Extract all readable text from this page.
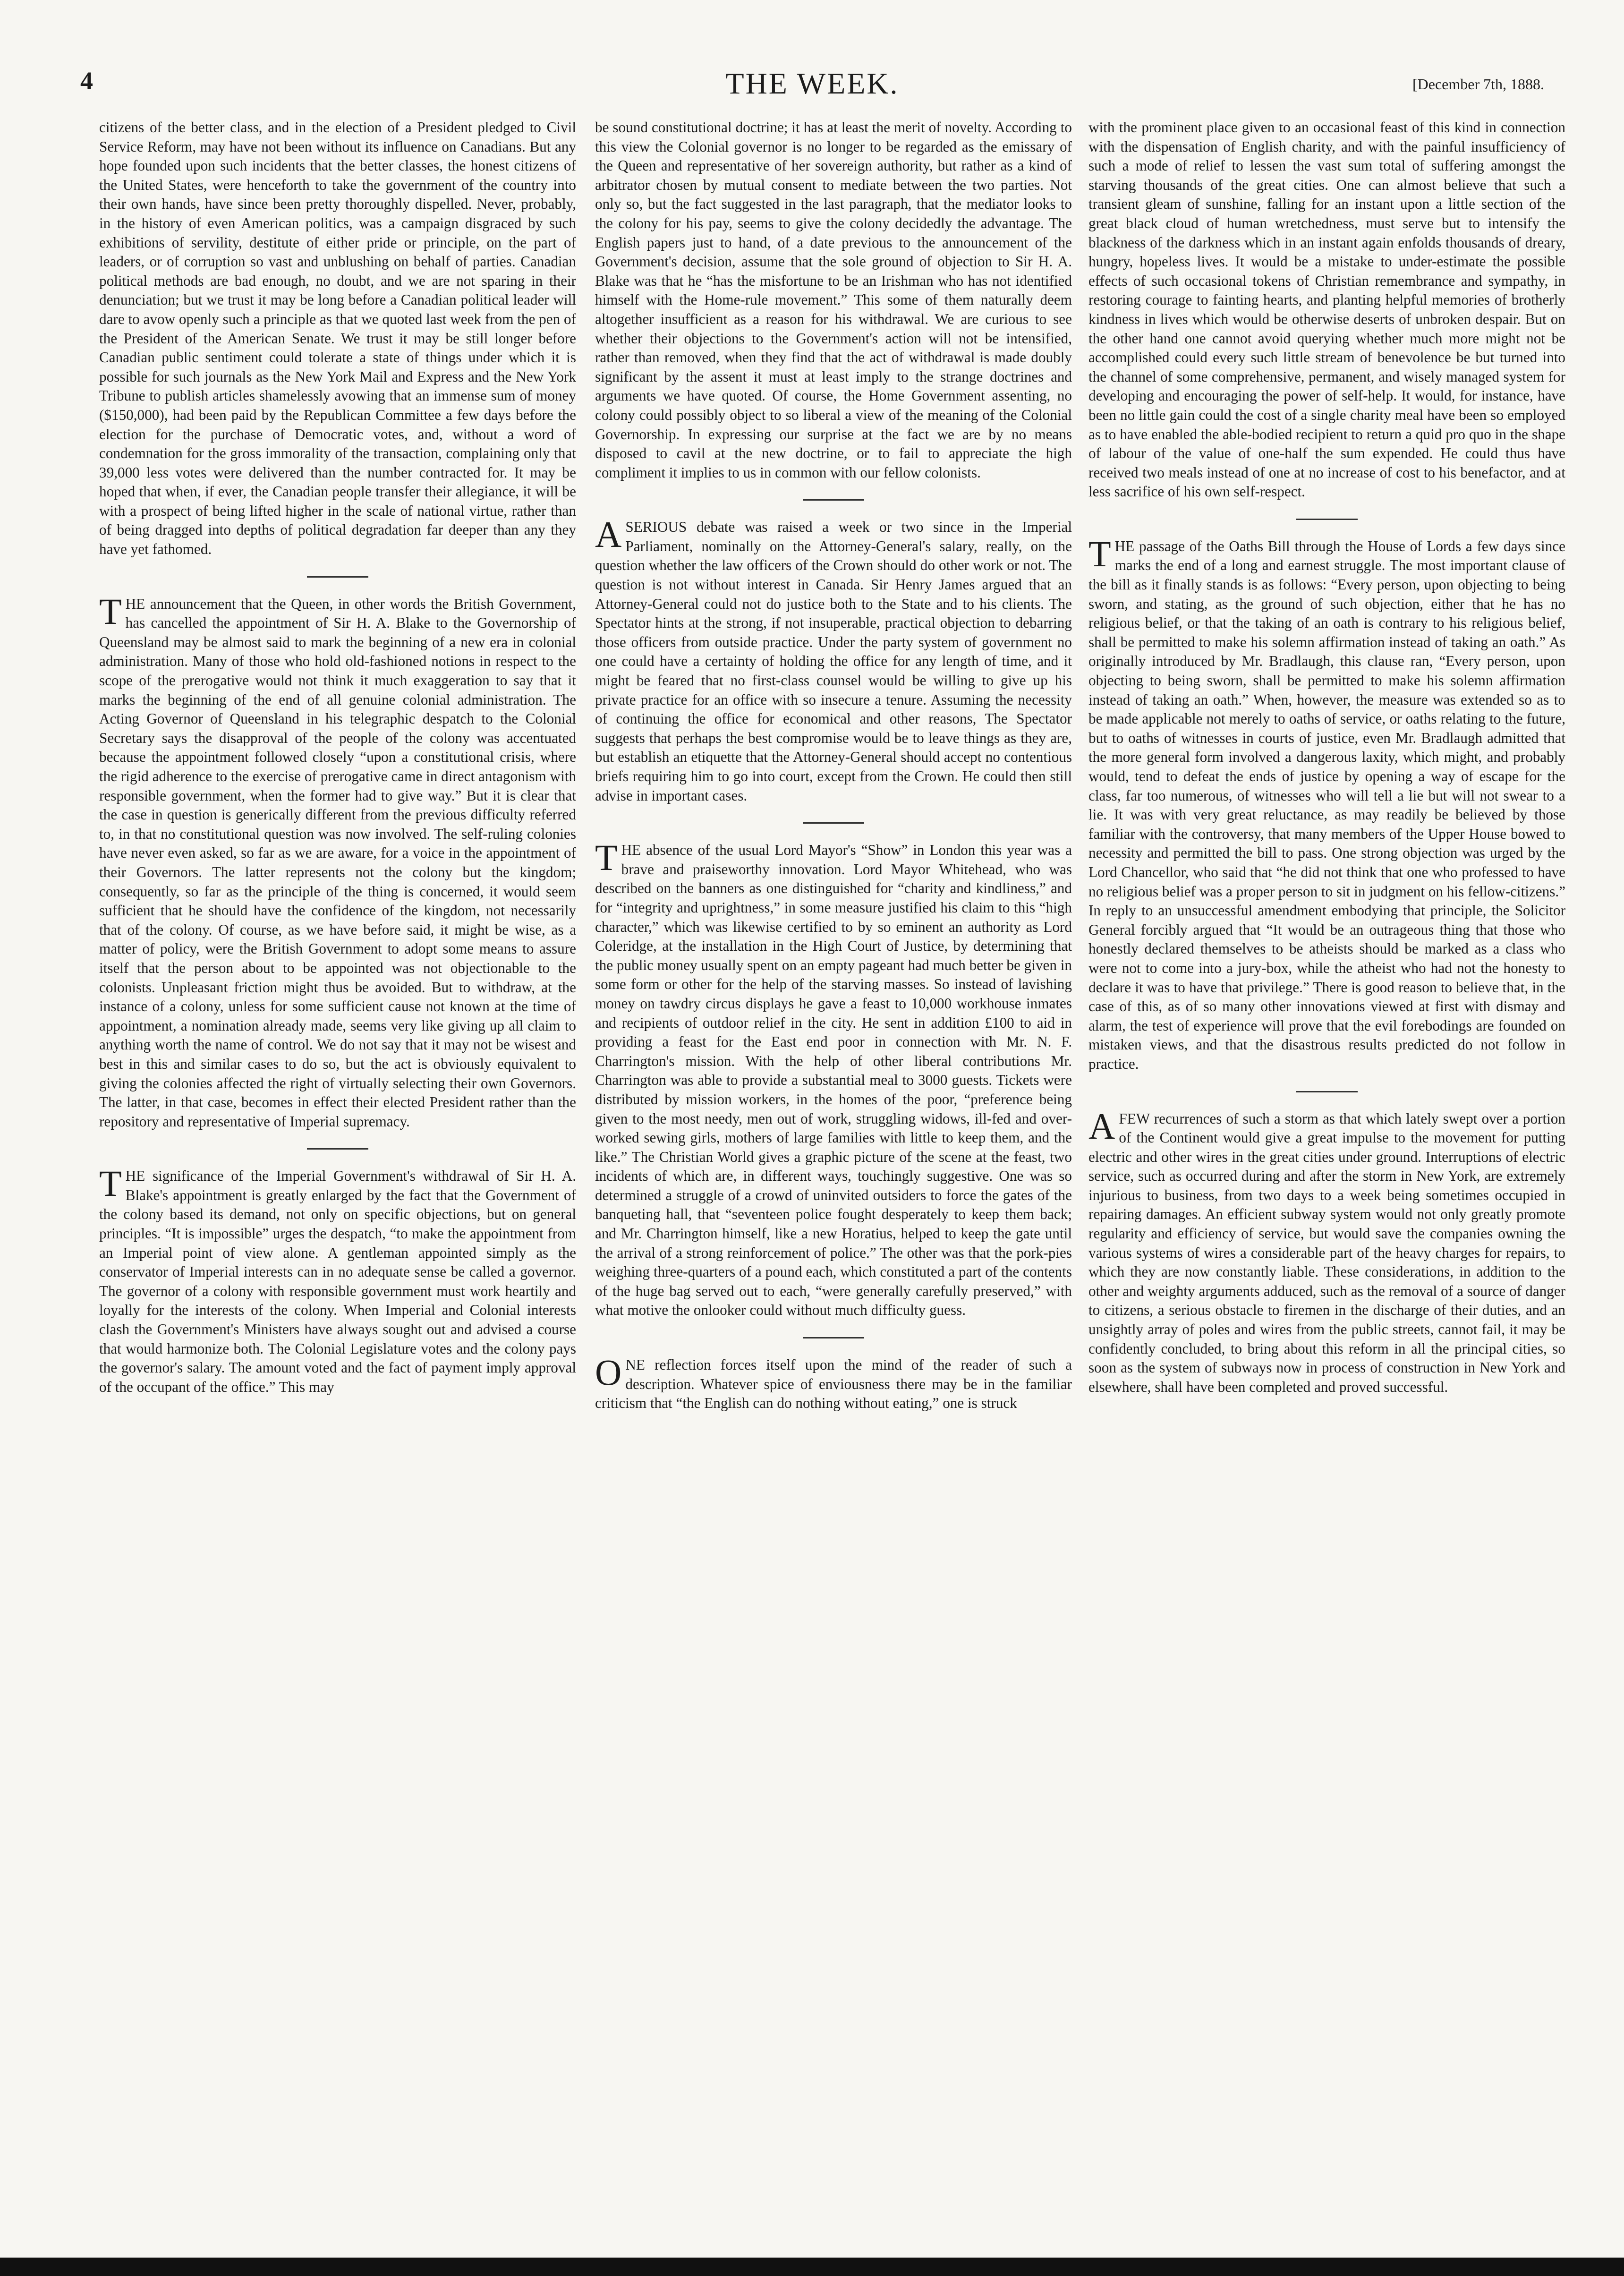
4	THE WEEK.	[December 7th, 1888.

citizens of the better class, and in the election of a President pledged to Civil Service Reform, may have not been without its influence on Canadians. But any hope founded upon such incidents that the better classes, the honest citizens of the United States, were henceforth to take the government of the country into their own hands, have since been pretty thoroughly dispelled. Never, probably, in the history of even American politics, was a campaign disgraced by such exhibitions of servility, destitute of either pride or principle, on the part of leaders, or of corruption so vast and unblushing on behalf of parties. Canadian political methods are bad enough, no doubt, and we are not sparing in their denunciation; but we trust it may be long before a Canadian political leader will dare to avow openly such a principle as that we quoted last week from the pen of the President of the American Senate. We trust it may be still longer before Canadian public sentiment could tolerate a state of things under which it is possible for such journals as the New York Mail and Express and the New York Tribune to publish articles shamelessly avowing that an immense sum of money ($150,000), had been paid by the Republican Committee a few days before the election for the purchase of Democratic votes, and, without a word of condemnation for the gross immorality of the transaction, complaining only that 39,000 less votes were delivered than the number contracted for. It may be hoped that when, if ever, the Canadian people transfer their allegiance, it will be with a prospect of being lifted higher in the scale of national virtue, rather than of being dragged into depths of political degradation far deeper than any they have yet fathomed.

THE announcement that the Queen, in other words the British Government, has cancelled the appointment of Sir H. A. Blake to the Governorship of Queensland may be almost said to mark the beginning of a new era in colonial administration. Many of those who hold old-fashioned notions in respect to the scope of the prerogative would not think it much exaggeration to say that it marks the beginning of the end of all genuine colonial administration. The Acting Governor of Queensland in his telegraphic despatch to the Colonial Secretary says the disapproval of the people of the colony was accentuated because the appointment followed closely “upon a constitutional crisis, where the rigid adherence to the exercise of prerogative came in direct antagonism with responsible government, when the former had to give way.” But it is clear that the case in question is generically different from the previous difficulty referred to, in that no constitutional question was now involved. The self-ruling colonies have never even asked, so far as we are aware, for a voice in the appointment of their Governors. The latter represents not the colony but the kingdom; consequently, so far as the principle of the thing is concerned, it would seem sufficient that he should have the confidence of the kingdom, not necessarily that of the colony. Of course, as we have before said, it might be wise, as a matter of policy, were the British Government to adopt some means to assure itself that the person about to be appointed was not objectionable to the colonists. Unpleasant friction might thus be avoided. But to withdraw, at the instance of a colony, unless for some sufficient cause not known at the time of appointment, a nomination already made, seems very like giving up all claim to anything worth the name of control. We do not say that it may not be wisest and best in this and similar cases to do so, but the act is obviously equivalent to giving the colonies affected the right of virtually selecting their own Governors. The latter, in that case, becomes in effect their elected President rather than the repository and representative of Imperial supremacy.

THE significance of the Imperial Government's withdrawal of Sir H. A. Blake's appointment is greatly enlarged by the fact that the Government of the colony based its demand, not only on specific objections, but on general principles. “It is impossible” urges the despatch, “to make the appointment from an Imperial point of view alone. A gentleman appointed simply as the conservator of Imperial interests can in no adequate sense be called a governor. The governor of a colony with responsible government must work heartily and loyally for the interests of the colony. When Imperial and Colonial interests clash the Government's Ministers have always sought out and advised a course that would harmonize both. The Colonial Legislature votes and the colony pays the governor's salary. The amount voted and the fact of payment imply approval of the occupant of the office.” This may

be sound constitutional doctrine; it has at least the merit of novelty. According to this view the Colonial governor is no longer to be regarded as the emissary of the Queen and representative of her sovereign authority, but rather as a kind of arbitrator chosen by mutual consent to mediate between the two parties. Not only so, but the fact suggested in the last paragraph, that the mediator looks to the colony for his pay, seems to give the colony decidedly the advantage. The English papers just to hand, of a date previous to the announcement of the Government's decision, assume that the sole ground of objection to Sir H. A. Blake was that he “has the misfortune to be an Irishman who has not identified himself with the Home-rule movement.” This some of them naturally deem altogether insufficient as a reason for his withdrawal. We are curious to see whether their objections to the Government's action will not be intensified, rather than removed, when they find that the act of withdrawal is made doubly significant by the assent it must at least imply to the strange doctrines and arguments we have quoted. Of course, the Home Government assenting, no colony could possibly object to so liberal a view of the meaning of the Colonial Governorship. In expressing our surprise at the fact we are by no means disposed to cavil at the new doctrine, or to fail to appreciate the high compliment it implies to us in common with our fellow colonists.

ASERIOUS debate was raised a week or two since in the Imperial Parliament, nominally on the Attorney-General's salary, really, on the question whether the law officers of the Crown should do other work or not. The question is not without interest in Canada. Sir Henry James argued that an Attorney-General could not do justice both to the State and to his clients. The Spectator hints at the strong, if not insuperable, practical objection to debarring those officers from outside practice. Under the party system of government no one could have a certainty of holding the office for any length of time, and it might be feared that no first-class counsel would be willing to give up his private practice for an office with so insecure a tenure. Assuming the necessity of continuing the office for economical and other reasons, The Spectator suggests that perhaps the best compromise would be to leave things as they are, but establish an etiquette that the Attorney-General should accept no contentious briefs requiring him to go into court, except from the Crown. He could then still advise in important cases.

THE absence of the usual Lord Mayor's “Show” in London this year was a brave and praiseworthy innovation. Lord Mayor Whitehead, who was described on the banners as one distinguished for “charity and kindliness,” and for “integrity and uprightness,” in some measure justified his claim to this “high character,” which was likewise certified to by so eminent an authority as Lord Coleridge, at the installation in the High Court of Justice, by determining that the public money usually spent on an empty pageant had much better be given in some form or other for the help of the starving masses. So instead of lavishing money on tawdry circus displays he gave a feast to 10,000 workhouse inmates and recipients of outdoor relief in the city. He sent in addition £100 to aid in providing a feast for the East end poor in connection with Mr. N. F. Charrington's mission. With the help of other liberal contributions Mr. Charrington was able to provide a substantial meal to 3000 guests. Tickets were distributed by mission workers, in the homes of the poor, “preference being given to the most needy, men out of work, struggling widows, ill-fed and over-worked sewing girls, mothers of large families with little to keep them, and the like.” The Christian World gives a graphic picture of the scene at the feast, two incidents of which are, in different ways, touchingly suggestive. One was so determined a struggle of a crowd of uninvited outsiders to force the gates of the banqueting hall, that “seventeen police fought desperately to keep them back; and Mr. Charrington himself, like a new Horatius, helped to keep the gate until the arrival of a strong reinforcement of police.” The other was that the pork-pies weighing three-quarters of a pound each, which constituted a part of the contents of the huge bag served out to each, “were generally carefully preserved,” with what motive the onlooker could without much difficulty guess.

ONE reflection forces itself upon the mind of the reader of such a description. Whatever spice of enviousness there may be in the familiar criticism that “the English can do nothing without eating,” one is struck

with the prominent place given to an occasional feast of this kind in connection with the dispensation of English charity, and with the painful insufficiency of such a mode of relief to lessen the vast sum total of suffering amongst the starving thousands of the great cities. One can almost believe that such a transient gleam of sunshine, falling for an instant upon a little section of the great black cloud of human wretchedness, must serve but to intensify the blackness of the darkness which in an instant again enfolds thousands of dreary, hungry, hopeless lives. It would be a mistake to under-estimate the possible effects of such occasional tokens of Christian remembrance and sympathy, in restoring courage to fainting hearts, and planting helpful memories of brotherly kindness in lives which would be otherwise deserts of unbroken despair. But on the other hand one cannot avoid querying whether much more might not be accomplished could every such little stream of benevolence be but turned into the channel of some comprehensive, permanent, and wisely managed system for developing and encouraging the power of self-help. It would, for instance, have been no little gain could the cost of a single charity meal have been so employed as to have enabled the able-bodied recipient to return a quid pro quo in the shape of labour of the value of one-half the sum expended. He could thus have received two meals instead of one at no increase of cost to his benefactor, and at less sacrifice of his own self-respect.

THE passage of the Oaths Bill through the House of Lords a few days since marks the end of a long and earnest struggle. The most important clause of the bill as it finally stands is as follows: “Every person, upon objecting to being sworn, and stating, as the ground of such objection, either that he has no religious belief, or that the taking of an oath is contrary to his religious belief, shall be permitted to make his solemn affirmation instead of taking an oath.” As originally introduced by Mr. Bradlaugh, this clause ran, “Every person, upon objecting to being sworn, shall be permitted to make his solemn affirmation instead of taking an oath.” When, however, the measure was extended so as to be made applicable not merely to oaths of service, or oaths relating to the future, but to oaths of witnesses in courts of justice, even Mr. Bradlaugh admitted that the more general form involved a dangerous laxity, which might, and probably would, tend to defeat the ends of justice by opening a way of escape for the class, far too numerous, of witnesses who will tell a lie but will not swear to a lie. It was with very great reluctance, as may readily be believed by those familiar with the controversy, that many members of the Upper House bowed to necessity and permitted the bill to pass. One strong objection was urged by the Lord Chancellor, who said that “he did not think that one who professed to have no religious belief was a proper person to sit in judgment on his fellow-citizens.” In reply to an unsuccessful amendment embodying that principle, the Solicitor General forcibly argued that “It would be an outrageous thing that those who honestly declared themselves to be atheists should be marked as a class who were not to come into a jury-box, while the atheist who had not the honesty to declare it was to have that privilege.” There is good reason to believe that, in the case of this, as of so many other innovations viewed at first with dismay and alarm, the test of experience will prove that the evil forebodings are founded on mistaken views, and that the disastrous results predicted do not follow in practice.

AFEW recurrences of such a storm as that which lately swept over a portion of the Continent would give a great impulse to the movement for putting electric and other wires in the great cities under ground. Interruptions of electric service, such as occurred during and after the storm in New York, are extremely injurious to business, from two days to a week being sometimes occupied in repairing damages. An efficient subway system would not only greatly promote regularity and efficiency of service, but would save the companies owning the various systems of wires a considerable part of the heavy charges for repairs, to which they are now constantly liable. These considerations, in addition to the other and weighty arguments adduced, such as the removal of a source of danger to citizens, a serious obstacle to firemen in the discharge of their duties, and an unsightly array of poles and wires from the public streets, cannot fail, it may be confidently concluded, to bring about this reform in all the principal cities, so soon as the system of subways now in process of construction in New York and elsewhere, shall have been completed and proved successful.
